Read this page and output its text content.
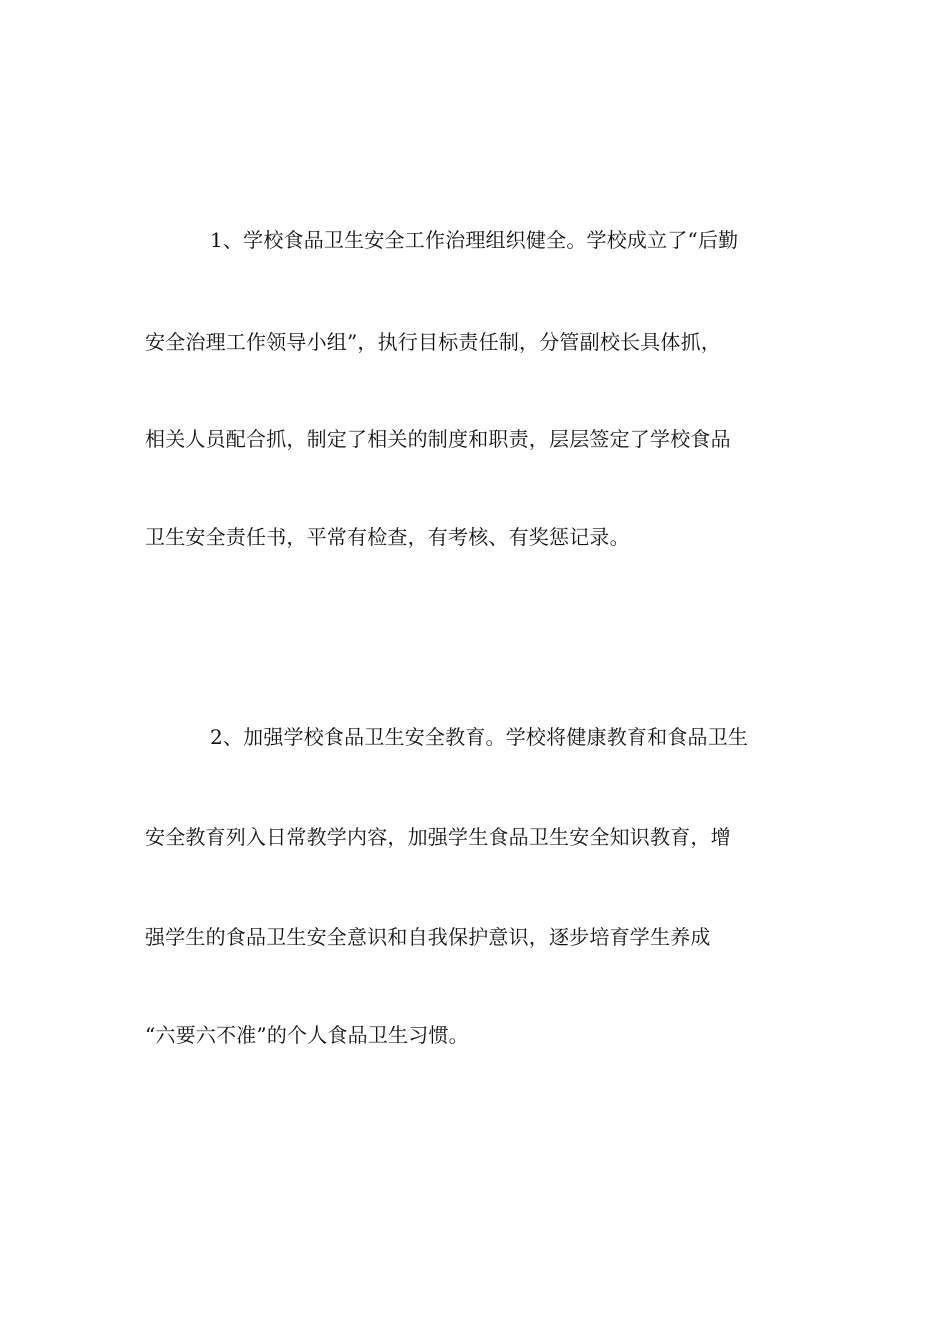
1、学校食品卫生安全工作治理组织健全。学校成立了“后勤
安全治理工作领导小组”，执行目标责任制，分管副校长具体抓，
相关人员配合抓，制定了相关的制度和职责，层层签定了学校食品
卫生安全责任书，平常有检查，有考核、有奖惩记录。
2、加强学校食品卫生安全教育。学校将健康教育和食品卫生
安全教育列入日常教学内容，加强学生食品卫生安全知识教育，增
强学生的食品卫生安全意识和自我保护意识，逐步培育学生养成
“六要六不准”的个人食品卫生习惯。
